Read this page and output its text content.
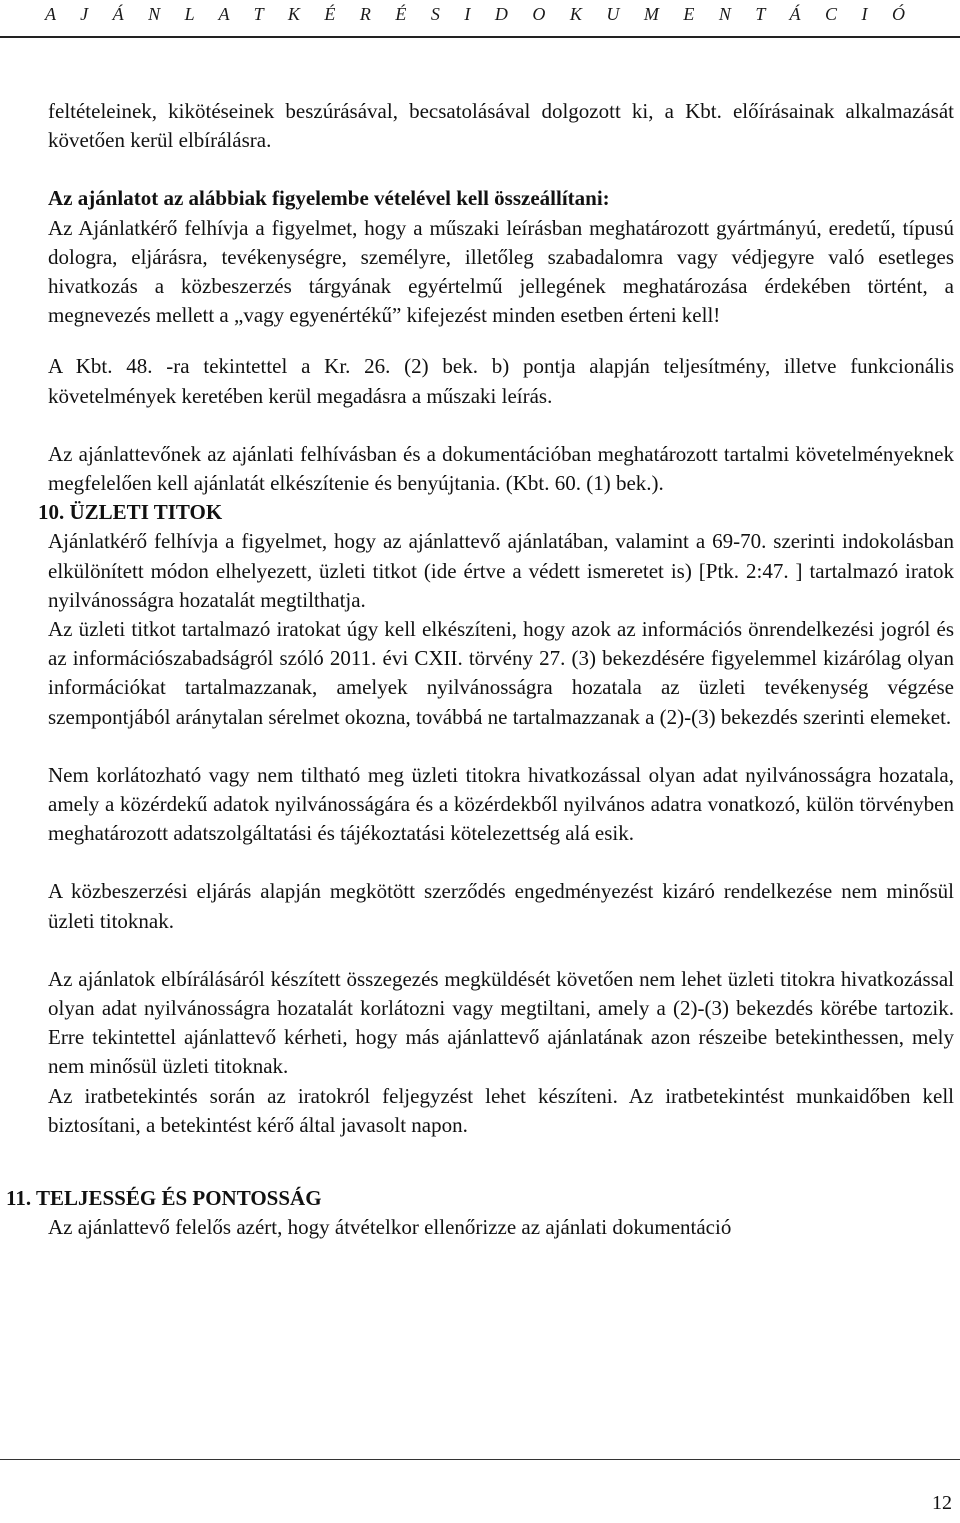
A J Á N L A T K É R É S I D O K U M E N T Á C I Ó

feltételeinek, kikötéseinek beszúrásával, becsatolásával dolgozott ki, a Kbt. előírásainak alkalmazását követően kerül elbírálásra.

Az ajánlatot az alábbiak figyelembe vételével kell összeállítani:

Az Ajánlatkérő felhívja a figyelmet, hogy a műszaki leírásban meghatározott gyártmányú, eredetű, típusú dologra, eljárásra, tevékenységre, személyre, illetőleg szabadalomra vagy védjegyre való esetleges hivatkozás a közbeszerzés tárgyának egyértelmű jellegének meghatározása érdekében történt, a megnevezés mellett a „vagy egyenértékű” kifejezést minden esetben érteni kell!

A Kbt. 48. -ra tekintettel a Kr. 26. (2) bek. b) pontja alapján teljesítmény, illetve funkcionális követelmények keretében kerül megadásra a műszaki leírás.

Az ajánlattevőnek az ajánlati felhívásban és a dokumentációban meghatározott tartalmi követelményeknek megfelelően kell ajánlatát elkészítenie és benyújtania. (Kbt. 60. (1) bek.).

10. ÜZLETI TITOK

Ajánlatkérő felhívja a figyelmet, hogy az ajánlattevő ajánlatában, valamint a 69-70. szerinti indokolásban elkülönített módon elhelyezett, üzleti titkot (ide értve a védett ismeretet is) [Ptk. 2:47. ] tartalmazó iratok nyilvánosságra hozatalát megtilthatja.

Az üzleti titkot tartalmazó iratokat úgy kell elkészíteni, hogy azok az információs önrendelkezési jogról és az információszabadságról szóló 2011. évi CXII. törvény 27. (3) bekezdésére figyelemmel kizárólag olyan információkat tartalmazzanak, amelyek nyilvánosságra hozatala az üzleti tevékenység végzése szempontjából aránytalan sérelmet okozna, továbbá ne tartalmazzanak a (2)-(3) bekezdés szerinti elemeket.

Nem korlátozható vagy nem tiltható meg üzleti titokra hivatkozással olyan adat nyilvánosságra hozatala, amely a közérdekű adatok nyilvánosságára és a közérdekből nyilvános adatra vonatkozó, külön törvényben meghatározott adatszolgáltatási és tájékoztatási kötelezettség alá esik.

A közbeszerzési eljárás alapján megkötött szerződés engedményezést kizáró rendelkezése nem minősül üzleti titoknak.

Az ajánlatok elbírálásáról készített összegezés megküldését követően nem lehet üzleti titokra hivatkozással olyan adat nyilvánosságra hozatalát korlátozni vagy megtiltani, amely a (2)-(3) bekezdés körébe tartozik. Erre tekintettel ajánlattevő kérheti, hogy más ajánlattevő ajánlatának azon részeibe betekinthessen, mely nem minősül üzleti titoknak.

Az iratbetekintés során az iratokról feljegyzést lehet készíteni. Az iratbetekintést munkaidőben kell biztosítani, a betekintést kérő által javasolt napon.

11. TELJESSÉG ÉS PONTOSSÁG

Az ajánlattevő felelős azért, hogy átvételkor ellenőrizze az ajánlati dokumentáció

12
